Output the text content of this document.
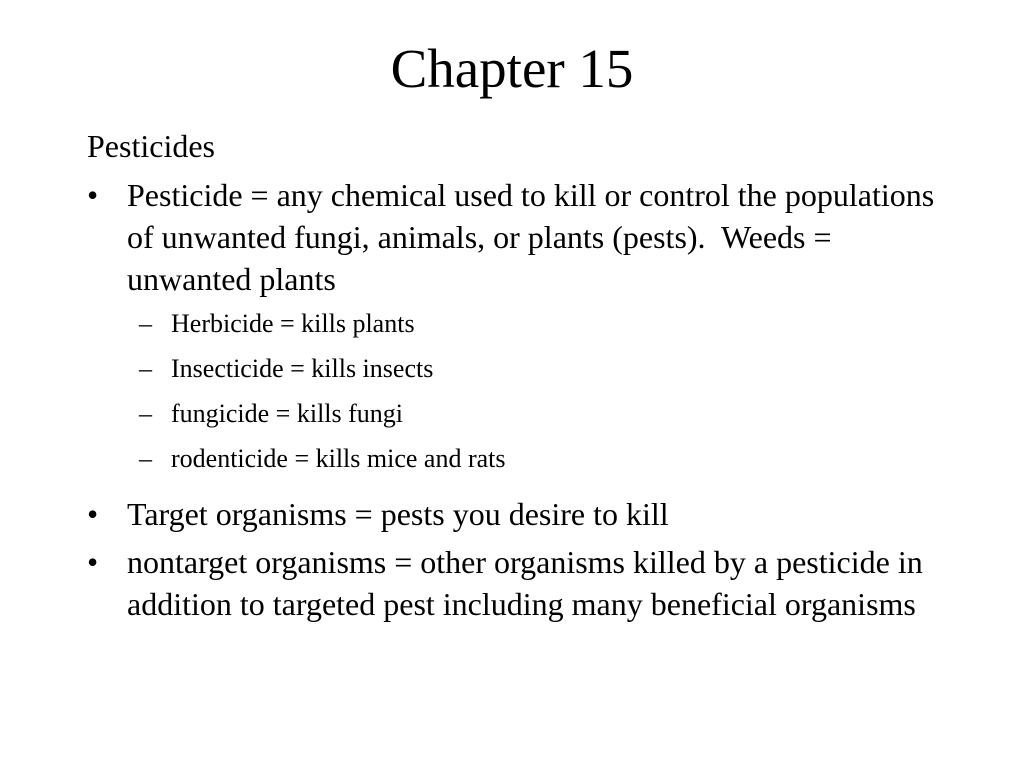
Chapter 15
Pesticides
• Pesticide = any chemical used to kill or control the populations of unwanted fungi, animals, or plants (pests).  Weeds = unwanted plants
– Herbicide = kills plants
– Insecticide = kills insects
– fungicide = kills fungi
– rodenticide = kills mice and rats
• Target organisms = pests you desire to kill
• nontarget organisms = other organisms killed by a pesticide in addition to targeted pest including many beneficial organisms
